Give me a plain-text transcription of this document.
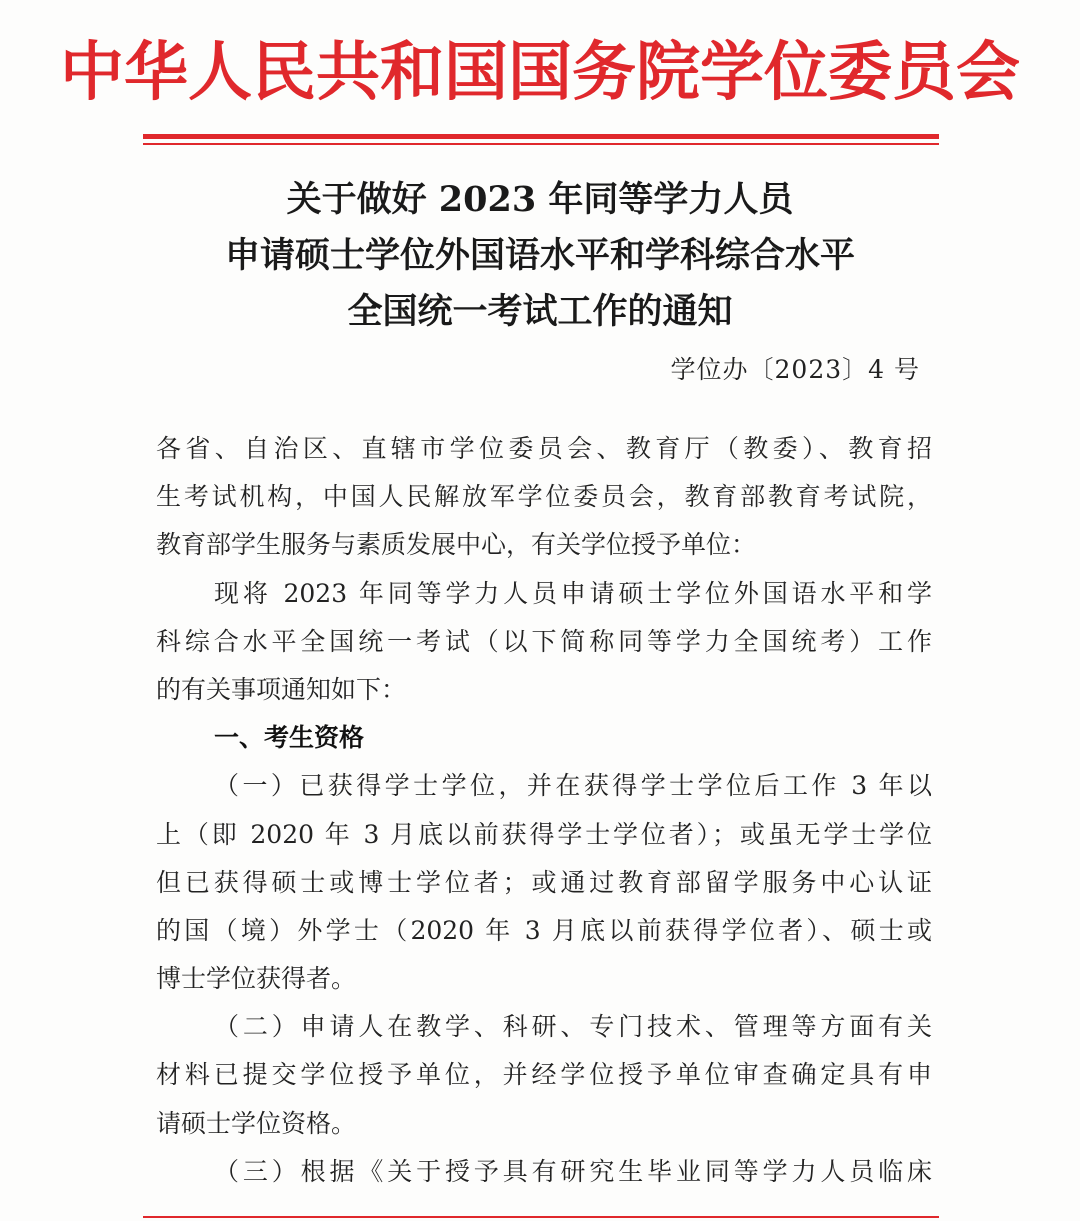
中华人民共和国国务院学位委员会
关于做好 2023 年同等学力人员
申请硕士学位外国语水平和学科综合水平
全国统一考试工作的通知
学位办〔2023〕4 号
各省、自治区、直辖市学位委员会、教育厅（教委）、教育招
生考试机构，中国人民解放军学位委员会，教育部教育考试院，
教育部学生服务与素质发展中心，有关学位授予单位：
现将 2023 年同等学力人员申请硕士学位外国语水平和学
科综合水平全国统一考试（以下简称同等学力全国统考）工作
的有关事项通知如下：
一、考生资格
（一）已获得学士学位，并在获得学士学位后工作 3 年以
上（即 2020 年 3 月底以前获得学士学位者）；或虽无学士学位
但已获得硕士或博士学位者；或通过教育部留学服务中心认证
的国（境）外学士（2020 年 3 月底以前获得学位者）、硕士或
博士学位获得者。
（二）申请人在教学、科研、专门技术、管理等方面有关
材料已提交学位授予单位，并经学位授予单位审查确定具有申
请硕士学位资格。
（三）根据《关于授予具有研究生毕业同等学力人员临床
